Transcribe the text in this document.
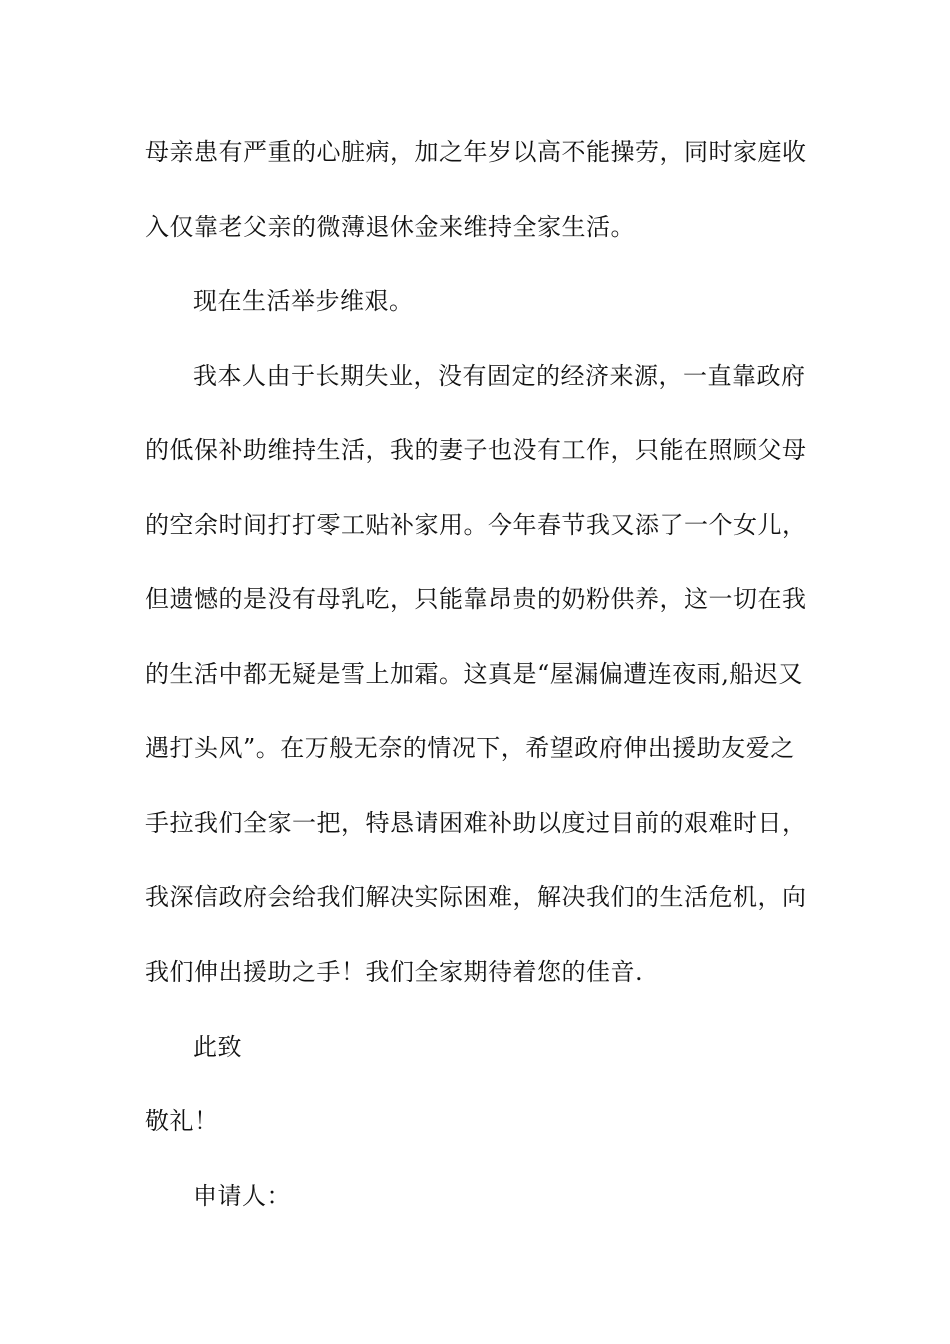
母亲患有严重的心脏病，加之年岁以高不能操劳，同时家庭收
入仅靠老父亲的微薄退休金来维持全家生活。
现在生活举步维艰。
我本人由于长期失业，没有固定的经济来源，一直靠政府
的低保补助维持生活，我的妻子也没有工作，只能在照顾父母
的空余时间打打零工贴补家用。今年春节我又添了一个女儿，
但遗憾的是没有母乳吃，只能靠昂贵的奶粉供养，这一切在我
的生活中都无疑是雪上加霜。这真是“屋漏偏遭连夜雨,船迟又
遇打头风”。在万般无奈的情况下，希望政府伸出援助友爱之
手拉我们全家一把，特恳请困难补助以度过目前的艰难时日，
我深信政府会给我们解决实际困难，解决我们的生活危机，向
我们伸出援助之手！我们全家期待着您的佳音.
此致
敬礼！
申请人：
